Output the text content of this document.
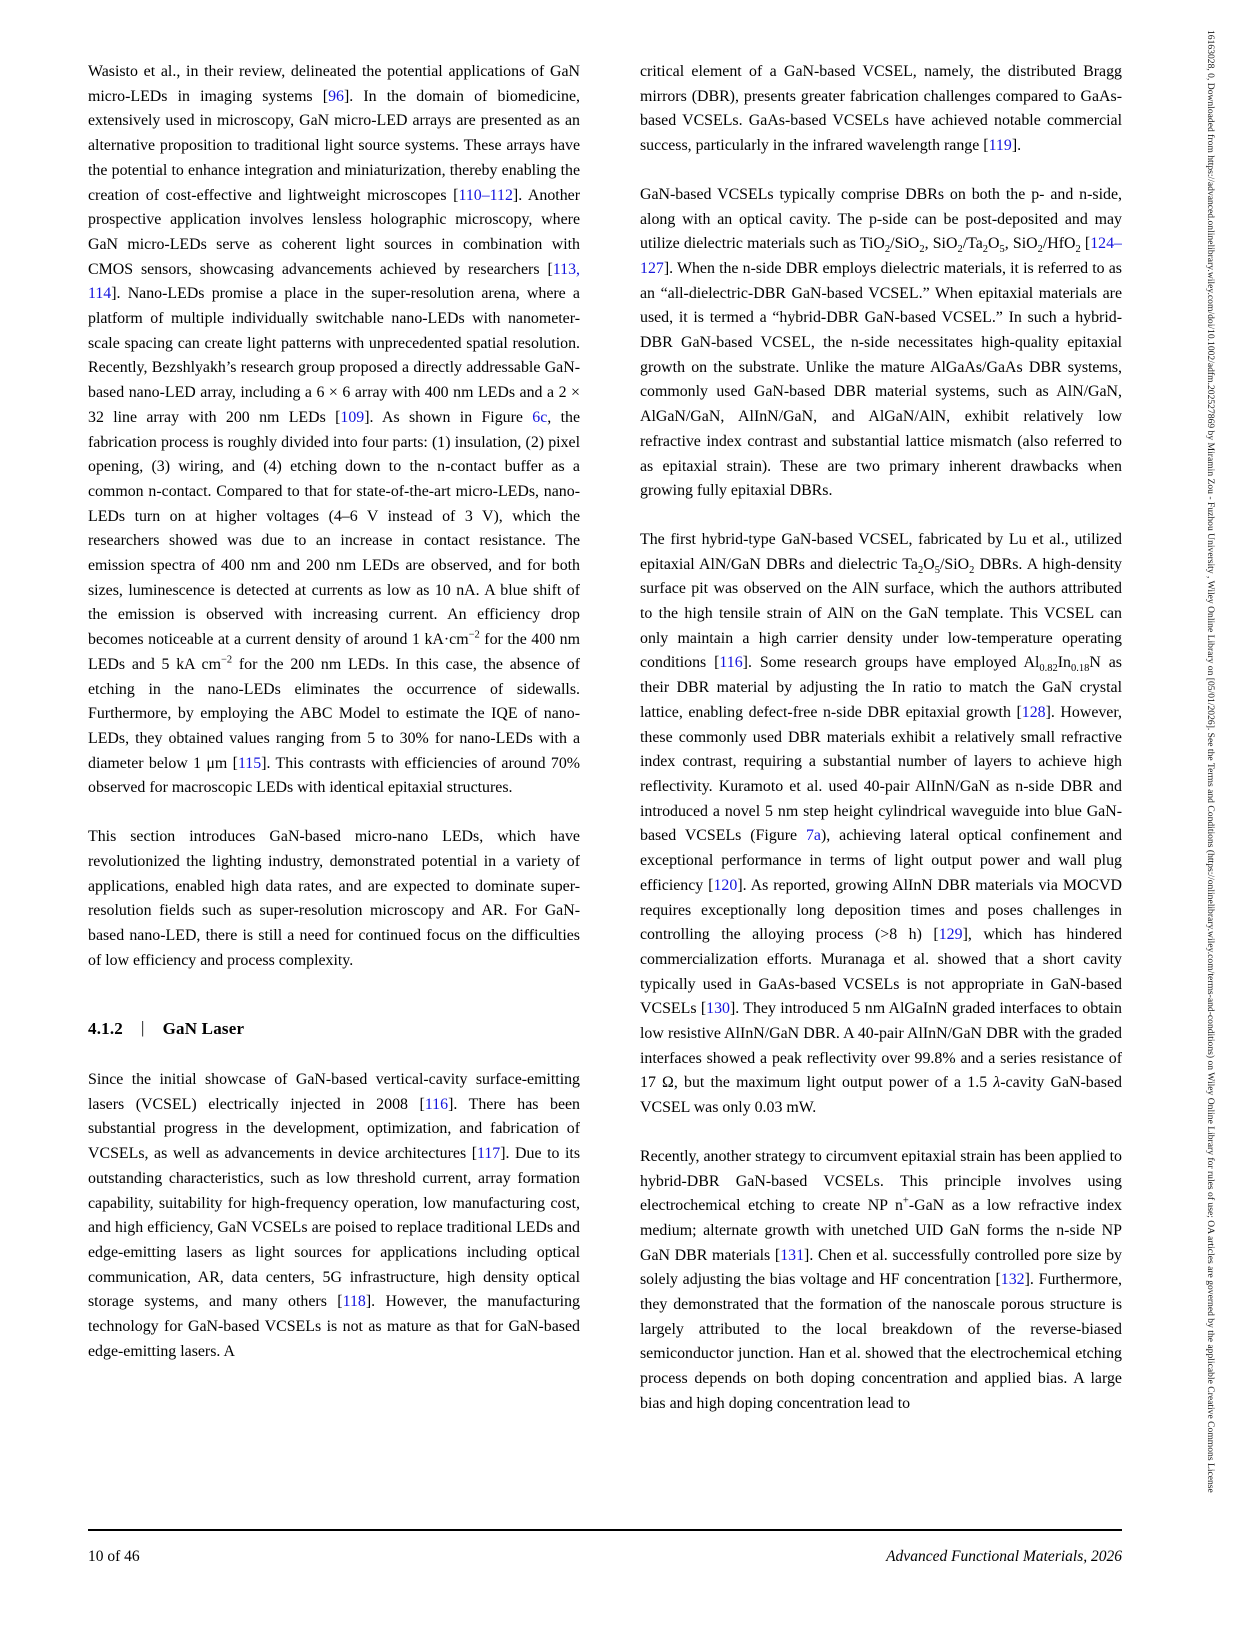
Wasisto et al., in their review, delineated the potential applications of GaN micro-LEDs in imaging systems [96]. In the domain of biomedicine, extensively used in microscopy, GaN micro-LED arrays are presented as an alternative proposition to traditional light source systems. These arrays have the potential to enhance integration and miniaturization, thereby enabling the creation of cost-effective and lightweight microscopes [110–112]. Another prospective application involves lensless holographic microscopy, where GaN micro-LEDs serve as coherent light sources in combination with CMOS sensors, showcasing advancements achieved by researchers [113, 114]. Nano-LEDs promise a place in the super-resolution arena, where a platform of multiple individually switchable nano-LEDs with nanometer-scale spacing can create light patterns with unprecedented spatial resolution. Recently, Bezshlyakh’s research group proposed a directly addressable GaN-based nano-LED array, including a 6 × 6 array with 400 nm LEDs and a 2 × 32 line array with 200 nm LEDs [109]. As shown in Figure 6c, the fabrication process is roughly divided into four parts: (1) insulation, (2) pixel opening, (3) wiring, and (4) etching down to the n-contact buffer as a common n-contact. Compared to that for state-of-the-art micro-LEDs, nano-LEDs turn on at higher voltages (4–6 V instead of 3 V), which the researchers showed was due to an increase in contact resistance. The emission spectra of 400 nm and 200 nm LEDs are observed, and for both sizes, luminescence is detected at currents as low as 10 nA. A blue shift of the emission is observed with increasing current. An efficiency drop becomes noticeable at a current density of around 1 $kA\cdot cm^{-2}$ for the 400 nm LEDs and 5 kA $cm^{-2}$ for the 200 nm LEDs. In this case, the absence of etching in the nano-LEDs eliminates the occurrence of sidewalls. Furthermore, by employing the ABC Model to estimate the IQE of nano-LEDs, they obtained values ranging from 5 to 30% for nano-LEDs with a diameter below 1 μm [115]. This contrasts with efficiencies of around 70% observed for macroscopic LEDs with identical epitaxial structures.

This section introduces GaN-based micro-nano LEDs, which have revolutionized the lighting industry, demonstrated potential in a variety of applications, enabled high data rates, and are expected to dominate super-resolution fields such as super-resolution microscopy and AR. For GaN-based nano-LED, there is still a need for continued focus on the difficulties of low efficiency and process complexity.

4.1.2 | GaN Laser

Since the initial showcase of GaN-based vertical-cavity surface-emitting lasers (VCSEL) electrically injected in 2008 [116]. There has been substantial progress in the development, optimization, and fabrication of VCSELs, as well as advancements in device architectures [117]. Due to its outstanding characteristics, such as low threshold current, array formation capability, suitability for high-frequency operation, low manufacturing cost, and high efficiency, GaN VCSELs are poised to replace traditional LEDs and edge-emitting lasers as light sources for applications including optical communication, AR, data centers, 5G infrastructure, high density optical storage systems, and many others [118]. However, the manufacturing technology for GaN-based VCSELs is not as mature as that for GaN-based edge-emitting lasers. A

critical element of a GaN-based VCSEL, namely, the distributed Bragg mirrors (DBR), presents greater fabrication challenges compared to GaAs-based VCSELs. GaAs-based VCSELs have achieved notable commercial success, particularly in the infrared wavelength range [119].

GaN-based VCSELs typically comprise DBRs on both the p- and n-side, along with an optical cavity. The p-side can be post-deposited and may utilize dielectric materials such as TiO$_2$/SiO$_2$, $SiO_2/Ta_2O_5$, SiO$_2$/HfO$_2$ [124–127]. When the n-side DBR employs dielectric materials, it is referred to as an “all-dielectric-DBR GaN-based VCSEL.” When epitaxial materials are used, it is termed a “hybrid-DBR GaN-based VCSEL.” In such a hybrid-DBR GaN-based VCSEL, the n-side necessitates high-quality epitaxial growth on the substrate. Unlike the mature AlGaAs/GaAs DBR systems, commonly used GaN-based DBR material systems, such as AlN/GaN, AlGaN/GaN, AlInN/GaN, and AlGaN/AlN, exhibit relatively low refractive index contrast and substantial lattice mismatch (also referred to as epitaxial strain). These are two primary inherent drawbacks when growing fully epitaxial DBRs.

The first hybrid-type GaN-based VCSEL, fabricated by Lu et al., utilized epitaxial AlN/GaN DBRs and dielectric $Ta_2O_5/SiO_2$ DBRs. A high-density surface pit was observed on the AlN surface, which the authors attributed to the high tensile strain of AlN on the GaN template. This VCSEL can only maintain a high carrier density under low-temperature operating conditions [116]. Some research groups have employed $Al_{0.82}In_{0.18}N$ as their DBR material by adjusting the In ratio to match the GaN crystal lattice, enabling defect-free n-side DBR epitaxial growth [128]. However, these commonly used DBR materials exhibit a relatively small refractive index contrast, requiring a substantial number of layers to achieve high reflectivity. Kuramoto et al. used 40-pair AlInN/GaN as n-side DBR and introduced a novel 5 nm step height cylindrical waveguide into blue GaN-based VCSELs (Figure 7a), achieving lateral optical confinement and exceptional performance in terms of light output power and wall plug efficiency [120]. As reported, growing AlInN DBR materials via MOCVD requires exceptionally long deposition times and poses challenges in controlling the alloying process (>8 h) [129], which has hindered commercialization efforts. Muranaga et al. showed that a short cavity typically used in GaAs-based VCSELs is not appropriate in GaN-based VCSELs [130]. They introduced 5 nm AlGaInN graded interfaces to obtain low resistive AlInN/GaN DBR. A 40-pair AlInN/GaN DBR with the graded interfaces showed a peak reflectivity over 99.8% and a series resistance of 17 Ω, but the maximum light output power of a 1.5 λ-cavity GaN-based VCSEL was only 0.03 mW.

Recently, another strategy to circumvent epitaxial strain has been applied to hybrid-DBR GaN-based VCSELs. This principle involves using electrochemical etching to create NP n+-GaN as a low refractive index medium; alternate growth with unetched UID GaN forms the n-side NP GaN DBR materials [131]. Chen et al. successfully controlled pore size by solely adjusting the bias voltage and HF concentration [132]. Furthermore, they demonstrated that the formation of the nanoscale porous structure is largely attributed to the local breakdown of the reverse-biased semiconductor junction. Han et al. showed that the electrochemical etching process depends on both doping concentration and applied bias. A large bias and high doping concentration lead to

10 of 46	Advanced Functional Materials, 2026
16163028, 0, Downloaded from https://advanced.onlinelibrary.wiley.com/doi/10.1002/adfm.202527869 by Miramin Zou - Fuzhou University , Wiley Online Library on [05/01/2026]. See the Terms and Conditions (https://onlinelibrary.wiley.com/terms-and-conditions) on Wiley Online Library for rules of use; OA articles are governed by the applicable Creative Commons License
